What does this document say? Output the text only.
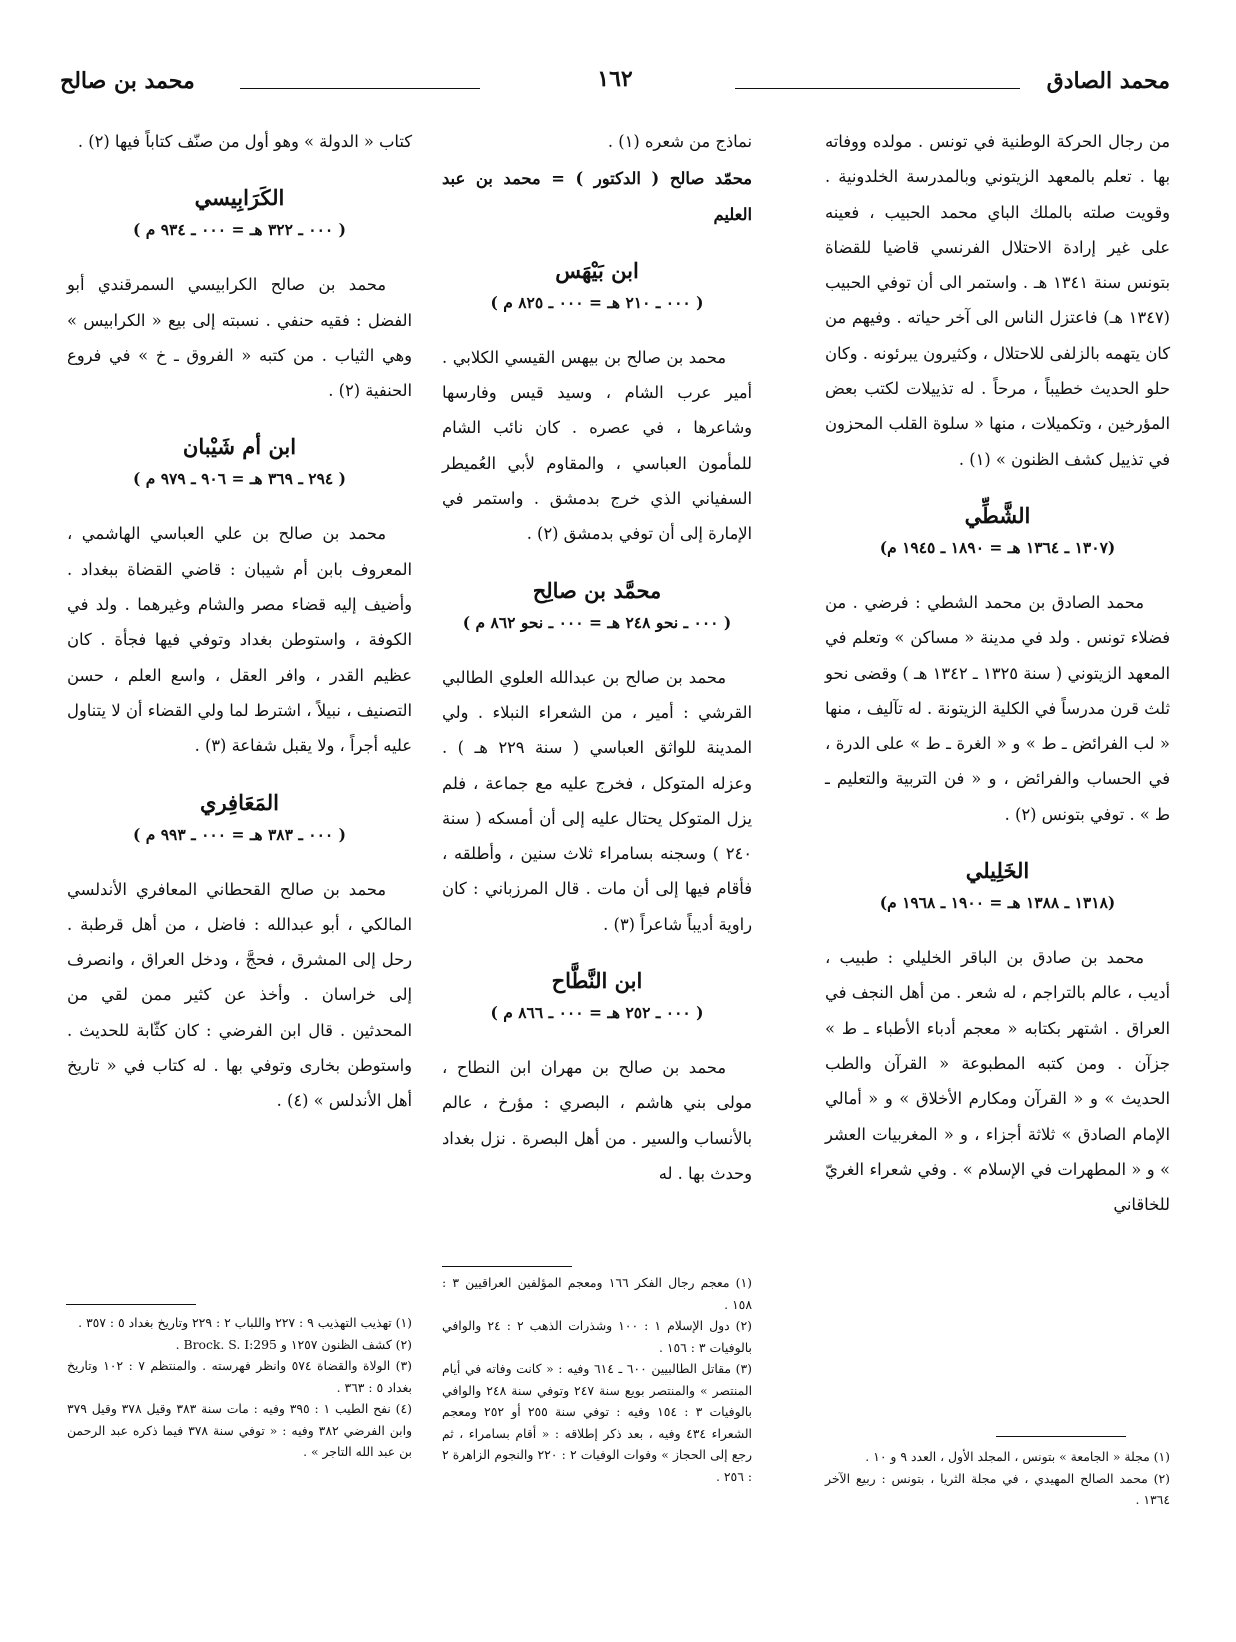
محمد الصادق
١٦٢
محمد بن صالح

من رجال الحركة الوطنية في تونس . مولده ووفاته بها . تعلم بالمعهد الزيتوني وبالمدرسة الخلدونية . وقويت صلته بالملك الباي محمد الحبيب ، فعينه على غير إرادة الاحتلال الفرنسي قاضيا للقضاة بتونس سنة ١٣٤١ هـ . واستمر الى أن توفي الحبيب (١٣٤٧ هـ) فاعتزل الناس الى آخر حياته . وفيهم من كان يتهمه بالزلفى للاحتلال ، وكثيرون يبرئونه . وكان حلو الحديث خطيباً ، مرحاً . له تذييلات لكتب بعض المؤرخين ، وتكميلات ، منها « سلوة القلب المحزون في تذييل كشف الظنون » (١) .

الشَّطِّي
(١٣٠٧ ـ ١٣٦٤ هـ = ١٨٩٠ ـ ١٩٤٥ م)

محمد الصادق بن محمد الشطي : فرضي . من فضلاء تونس . ولد في مدينة « مساكن » وتعلم في المعهد الزيتوني ( سنة ١٣٢٥ ـ ١٣٤٢ هـ ) وقضى نحو ثلث قرن مدرساً في الكلية الزيتونة . له تآليف ، منها « لب الفرائض ـ ط » و « الغرة ـ ط » على الدرة ، في الحساب والفرائض ، و « فن التربية والتعليم ـ ط » . توفي بتونس (٢) .

الخَلِيلي
(١٣١٨ ـ ١٣٨٨ هـ = ١٩٠٠ ـ ١٩٦٨ م)

محمد بن صادق بن الباقر الخليلي : طبيب ، أديب ، عالم بالتراجم ، له شعر . من أهل النجف في العراق . اشتهر بكتابه « معجم أدباء الأطباء ـ ط » جزآن . ومن كتبه المطبوعة « القرآن والطب الحديث » و « القرآن ومكارم الأخلاق » و « أمالي الإمام الصادق » ثلاثة أجزاء ، و « المغربيات العشر » و « المطهرات في الإسلام » . وفي شعراء الغريّ للخاقاني

نماذج من شعره (١) .

محمّد صالح ( الدكتور ) = محمد بن عبد العليم

ابن بَيْهَس
( ٠٠٠ ـ ٢١٠ هـ = ٠٠٠ ـ ٨٢٥ م )

محمد بن صالح بن بيهس القيسي الكلابي . أمير عرب الشام ، وسيد قيس وفارسها وشاعرها ، في عصره . كان نائب الشام للمأمون العباسي ، والمقاوم لأبي العُميطر السفياني الذي خرج بدمشق . واستمر في الإمارة إلى أن توفي بدمشق (٢) .

محمَّد بن صالِح
( ٠٠٠ ـ نحو ٢٤٨ هـ = ٠٠٠ ـ نحو ٨٦٢ م )

محمد بن صالح بن عبدالله العلوي الطالبي القرشي : أمير ، من الشعراء النبلاء . ولي المدينة للواثق العباسي ( سنة ٢٢٩ هـ ) . وعزله المتوكل ، فخرج عليه مع جماعة ، فلم يزل المتوكل يحتال عليه إلى أن أمسكه ( سنة ٢٤٠ ) وسجنه بسامراء ثلاث سنين ، وأطلقه ، فأقام فيها إلى أن مات . قال المرزباني : كان راوية أديباً شاعراً (٣) .

ابن النَّطَّاح
( ٠٠٠ ـ ٢٥٢ هـ = ٠٠٠ ـ ٨٦٦ م )

محمد بن صالح بن مهران ابن النطاح ، مولى بني هاشم ، البصري : مؤرخ ، عالم بالأنساب والسير . من أهل البصرة . نزل بغداد وحدث بها . له

كتاب « الدولة » وهو أول من صنّف كتاباً فيها (٢) .

الكَرَابِيسي
( ٠٠٠ ـ ٣٢٢ هـ = ٠٠٠ ـ ٩٣٤ م )

محمد بن صالح الكرابيسي السمرقندي أبو الفضل : فقيه حنفي . نسبته إلى بيع « الكرابيس » وهي الثياب . من كتبه « الفروق ـ خ » في فروع الحنفية (٢) .

ابن أم شَيْبان
( ٢٩٤ ـ ٣٦٩ هـ = ٩٠٦ ـ ٩٧٩ م )

محمد بن صالح بن علي العباسي الهاشمي ، المعروف بابن أم شيبان : قاضي القضاة ببغداد . وأضيف إليه قضاء مصر والشام وغيرهما . ولد في الكوفة ، واستوطن بغداد وتوفي فيها فجأة . كان عظيم القدر ، وافر العقل ، واسع العلم ، حسن التصنيف ، نبيلاً ، اشترط لما ولي القضاء أن لا يتناول عليه أجراً ، ولا يقبل شفاعة (٣) .

المَعَافِري
( ٠٠٠ ـ ٣٨٣ هـ = ٠٠٠ ـ ٩٩٣ م )

محمد بن صالح القحطاني المعافري الأندلسي المالكي ، أبو عبدالله : فاضل ، من أهل قرطبة . رحل إلى المشرق ، فحجَّ ، ودخل العراق ، وانصرف إلى خراسان . وأخذ عن كثير ممن لقي من المحدثين . قال ابن الفرضي : كان كثّابة للحديث . واستوطن بخارى وتوفي بها . له كتاب في « تاريخ أهل الأندلس » (٤) .

(١) مجلة « الجامعة » بتونس ، المجلد الأول ، العدد ٩ و ١٠ .
(٢) محمد الصالح المهيدي ، في مجلة الثريا ، بتونس : ربيع الآخر ١٣٦٤ .
(١) معجم رجال الفكر ١٦٦ ومعجم المؤلفين العراقيين ٣ : ١٥٨ .
(٢) دول الإسلام ١ : ١٠٠ وشذرات الذهب ٢ : ٢٤ والوافي بالوفيات ٣ : ١٥٦ .
(٣) مقاتل الطالبيين ٦٠٠ ـ ٦١٤ وفيه : « كانت وفاته في أيام المنتصر » والمنتصر بويع سنة ٢٤٧ وتوفي سنة ٢٤٨ والوافي بالوفيات ٣ : ١٥٤ وفيه : توفي سنة ٢٥٥ أو ٢٥٢ ومعجم الشعراء ٤٣٤ وفيه ، بعد ذكر إطلاقه : « أقام بسامراء ، ثم رجع إلى الحجاز » وفوات الوفيات ٢ : ٢٢٠ والنجوم الزاهرة ٢ : ٢٥٦ .
(١) تهذيب التهذيب ٩ : ٢٢٧ واللباب ٢ : ٢٢٩ وتاريخ بغداد ٥ : ٣٥٧ .
(٢) كشف الظنون ١٢٥٧ و Brock. S. I:295 .
(٣) الولاة والقضاة ٥٧٤ وانظر فهرسته . والمنتظم ٧ : ١٠٢ وتاريخ بغداد ٥ : ٣٦٣ .
(٤) نفح الطيب ١ : ٣٩٥ وفيه : مات سنة ٣٨٣ وقيل ٣٧٨ وقيل ٣٧٩ وابن الفرضي ٣٨٢ وفيه : « توفي سنة ٣٧٨ فيما ذكره عبد الرحمن بن عبد الله التاجر » .
